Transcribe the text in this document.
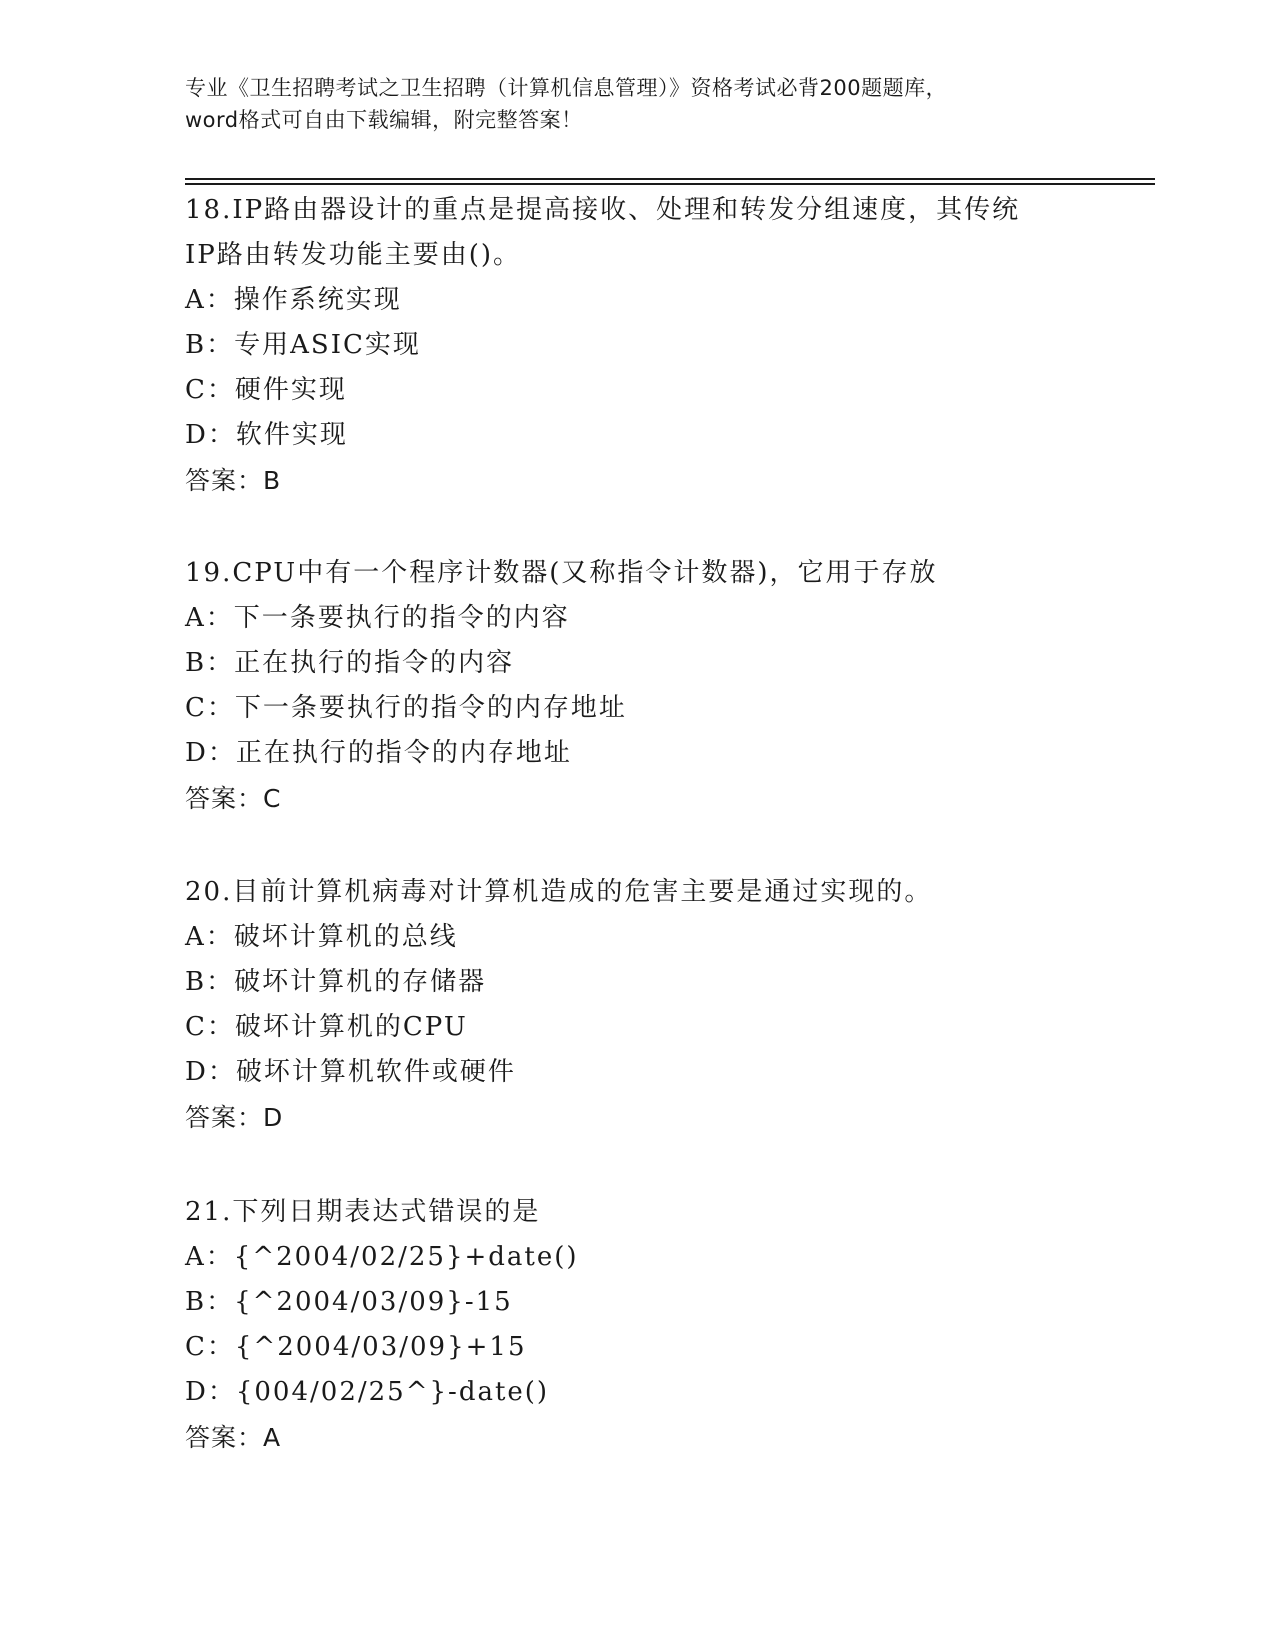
专业《卫生招聘考试之卫生招聘（计算机信息管理）》资格考试必背200题题库，
word格式可自由下载编辑，附完整答案！
18.IP路由器设计的重点是提高接收、处理和转发分组速度，其传统
IP路由转发功能主要由()。
A：操作系统实现
B：专用ASIC实现
C：硬件实现
D：软件实现
答案：B
19.CPU中有一个程序计数器(又称指令计数器)，它用于存放
A：下一条要执行的指令的内容
B：正在执行的指令的内容
C：下一条要执行的指令的内存地址
D：正在执行的指令的内存地址
答案：C
20.目前计算机病毒对计算机造成的危害主要是通过实现的。
A：破坏计算机的总线
B：破坏计算机的存储器
C：破坏计算机的CPU
D：破坏计算机软件或硬件
答案：D
21.下列日期表达式错误的是
A：{^2004/02/25}+date()
B：{^2004/03/09}-15
C：{^2004/03/09}+15
D：{004/02/25^}-date()
答案：A
